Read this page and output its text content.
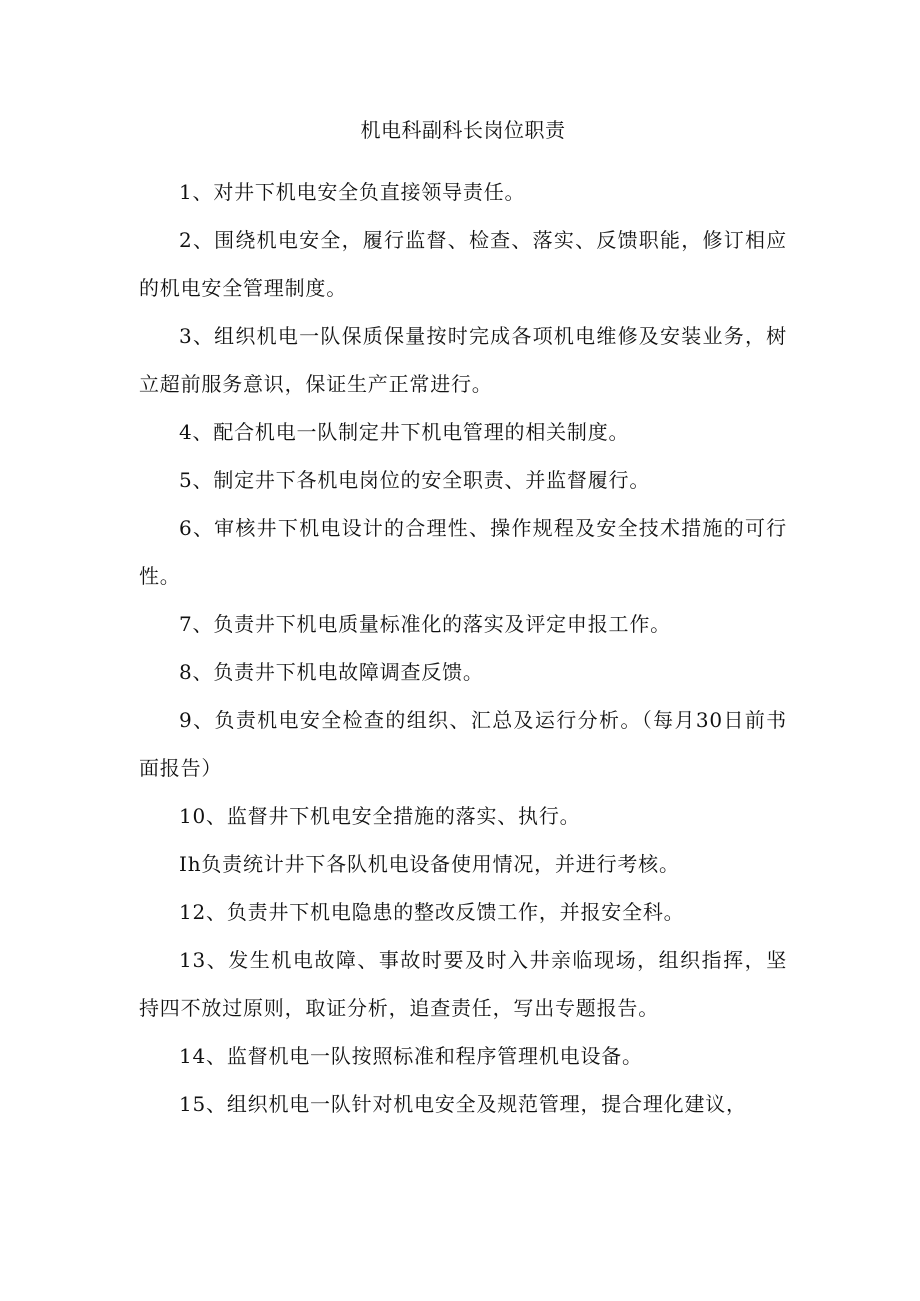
机电科副科长岗位职责

1、对井下机电安全负直接领导责任。

2、围绕机电安全，履行监督、检查、落实、反馈职能，修订相应的机电安全管理制度。

3、组织机电一队保质保量按时完成各项机电维修及安装业务，树立超前服务意识，保证生产正常进行。

4、配合机电一队制定井下机电管理的相关制度。

5、制定井下各机电岗位的安全职责、并监督履行。

6、审核井下机电设计的合理性、操作规程及安全技术措施的可行性。

7、负责井下机电质量标准化的落实及评定申报工作。

8、负责井下机电故障调查反馈。

9、负责机电安全检查的组织、汇总及运行分析。（每月30日前书面报告）

10、监督井下机电安全措施的落实、执行。

Ih负责统计井下各队机电设备使用情况，并进行考核。

12、负责井下机电隐患的整改反馈工作，并报安全科。

13、发生机电故障、事故时要及时入井亲临现场，组织指挥，坚持四不放过原则，取证分析，追查责任，写出专题报告。

14、监督机电一队按照标准和程序管理机电设备。

15、组织机电一队针对机电安全及规范管理，提合理化建议，
